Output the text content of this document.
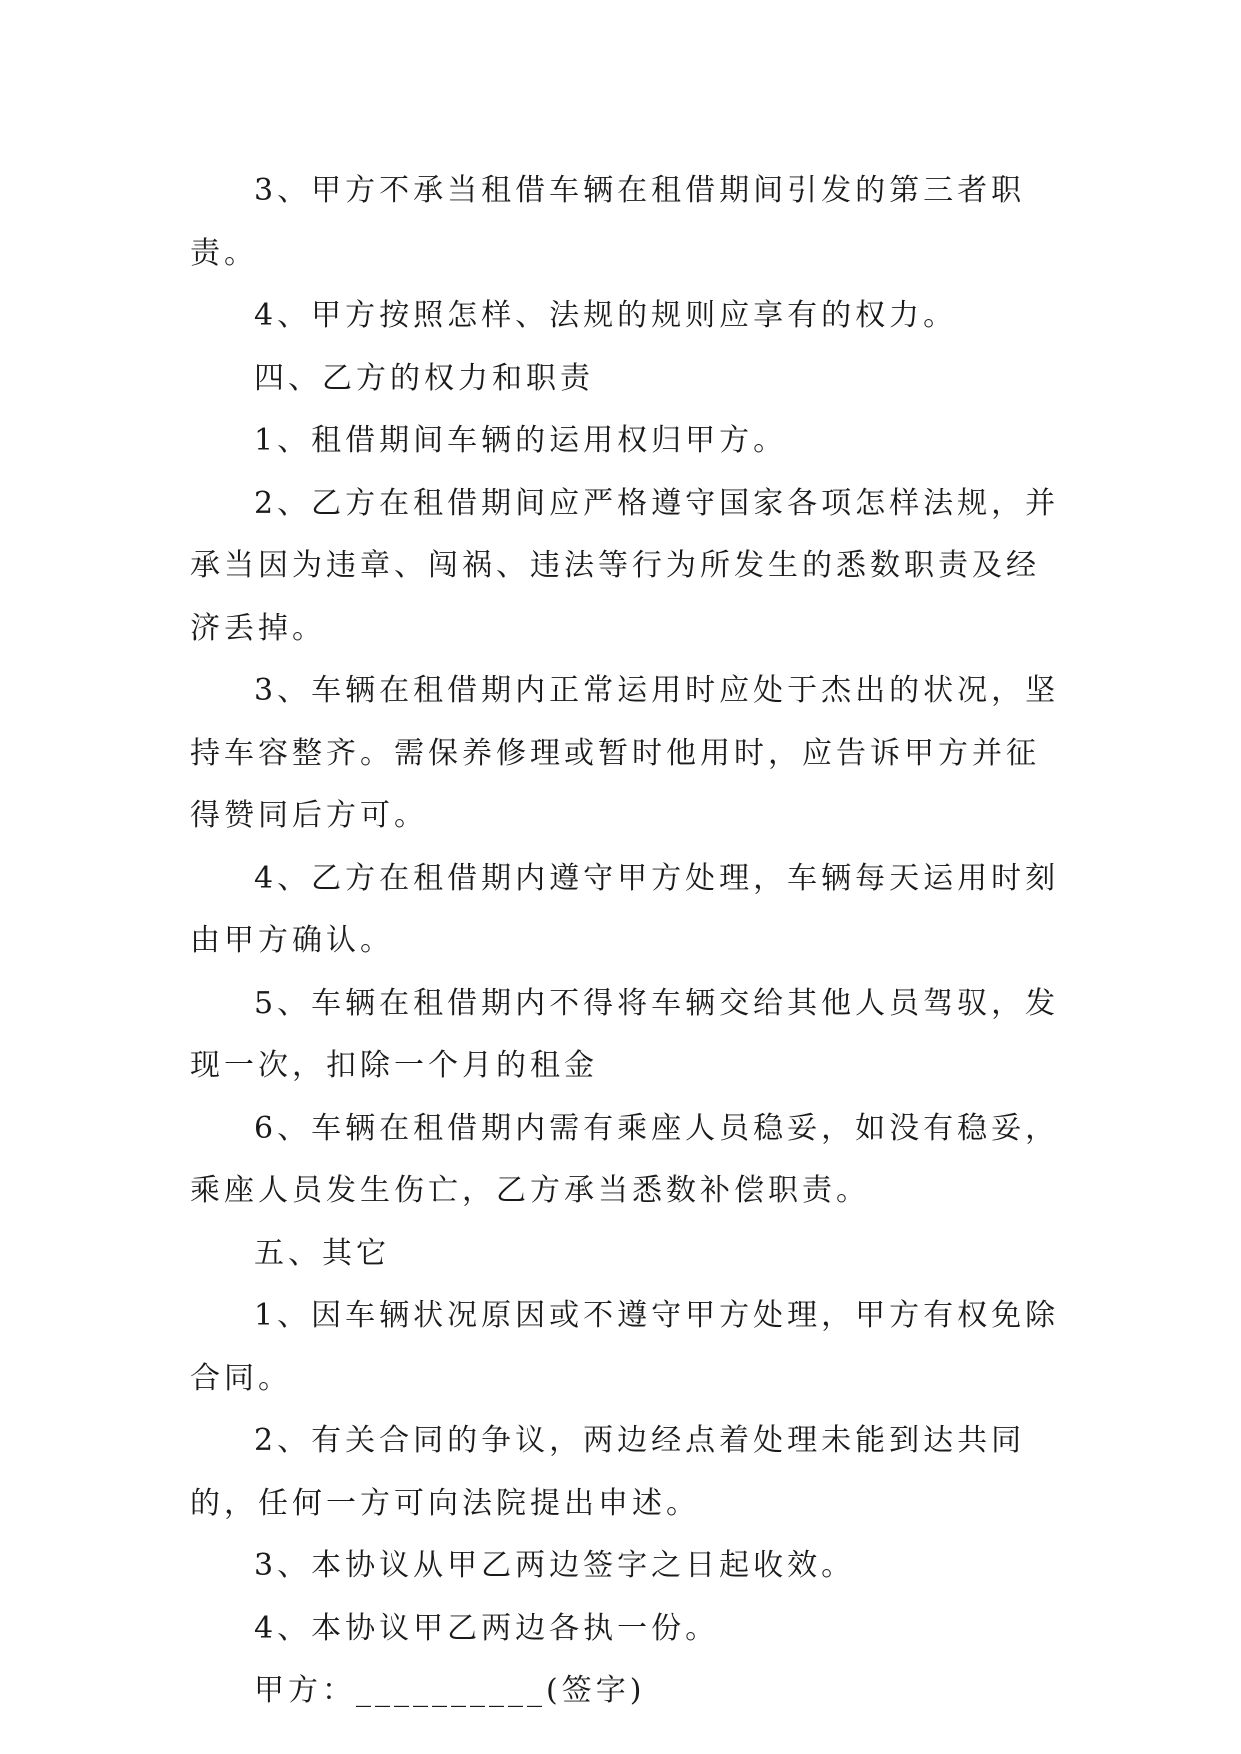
3、甲方不承当租借车辆在租借期间引发的第三者职责。

4、甲方按照怎样、法规的规则应享有的权力。

四、乙方的权力和职责

1、租借期间车辆的运用权归甲方。

2、乙方在租借期间应严格遵守国家各项怎样法规，并承当因为违章、闯祸、违法等行为所发生的悉数职责及经济丢掉。

3、车辆在租借期内正常运用时应处于杰出的状况，坚持车容整齐。需保养修理或暂时他用时，应告诉甲方并征得赞同后方可。

4、乙方在租借期内遵守甲方处理，车辆每天运用时刻由甲方确认。

5、车辆在租借期内不得将车辆交给其他人员驾驭，发现一次，扣除一个月的租金

6、车辆在租借期内需有乘座人员稳妥，如没有稳妥，乘座人员发生伤亡，乙方承当悉数补偿职责。

五、其它

1、因车辆状况原因或不遵守甲方处理，甲方有权免除合同。

2、有关合同的争议，两边经点着处理未能到达共同的，任何一方可向法院提出申述。

3、本协议从甲乙两边签字之日起收效。

4、本协议甲乙两边各执一份。

甲方：__________(签字)
